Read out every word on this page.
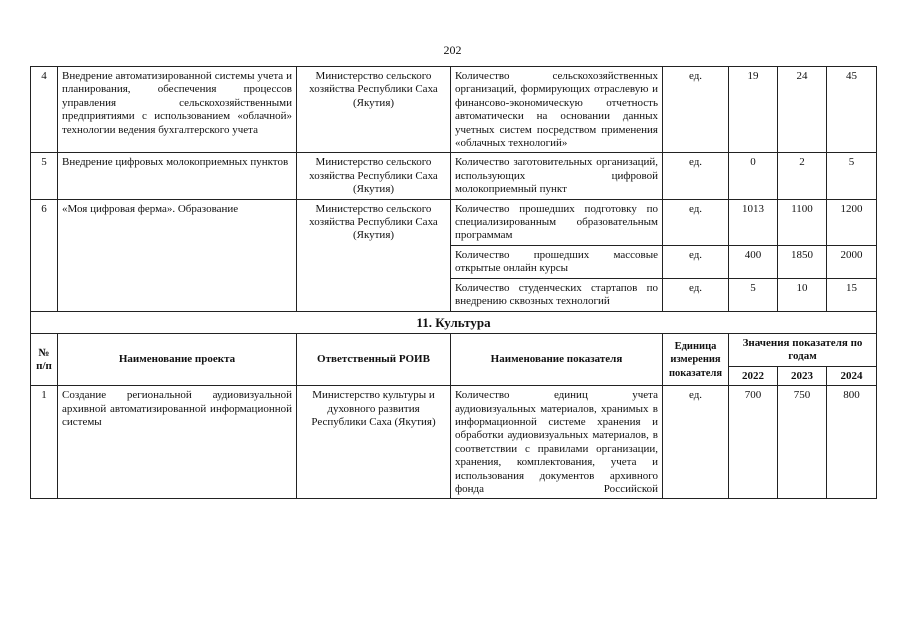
202
4	Внедрение автоматизированной системы учета и планирования, обеспечения процессов управления сельскохозяйственными предприятиями с использованием «облачной» технологии ведения бухгалтерского учета	Министерство сельского хозяйства Республики Саха (Якутия)	Количество сельскохозяйственных организаций, формирующих отраслевую и финансово-экономическую отчетность автоматически на основании данных учетных систем посредством применения «облачных технологий»	ед.	19	24	45
5	Внедрение цифровых молокоприемных пунктов	Министерство сельского хозяйства Республики Саха (Якутия)	Количество заготовительных организаций, использующих цифровой молокоприемный пункт	ед.	0	2	5
6	«Моя цифровая ферма». Образование	Министерство сельского хозяйства Республики Саха (Якутия)	Количество прошедших подготовку по специализированным образовательным программам	ед.	1013	1100	1200
			Количество прошедших массовые открытые онлайн курсы	ед.	400	1850	2000
			Количество студенческих стартапов по внедрению сквозных технологий	ед.	5	10	15
11. Культура							
№ п/п	Наименование проекта	Ответственный РОИВ	Наименование показателя	Единица измерения показателя	Значения показателя по годам		
					2022	2023	2024
1	Создание региональной аудиовизуальной архивной автоматизированной информационной системы	Министерство культуры и духовного развития Республики Саха (Якутия)	Количество единиц учета аудиовизуальных материалов, хранимых в информационной системе хранения и обработки аудиовизуальных материалов, в соответствии с правилами организации, хранения, комплектования, учета и использования документов архивного фонда Российской	ед.	700	750	800
